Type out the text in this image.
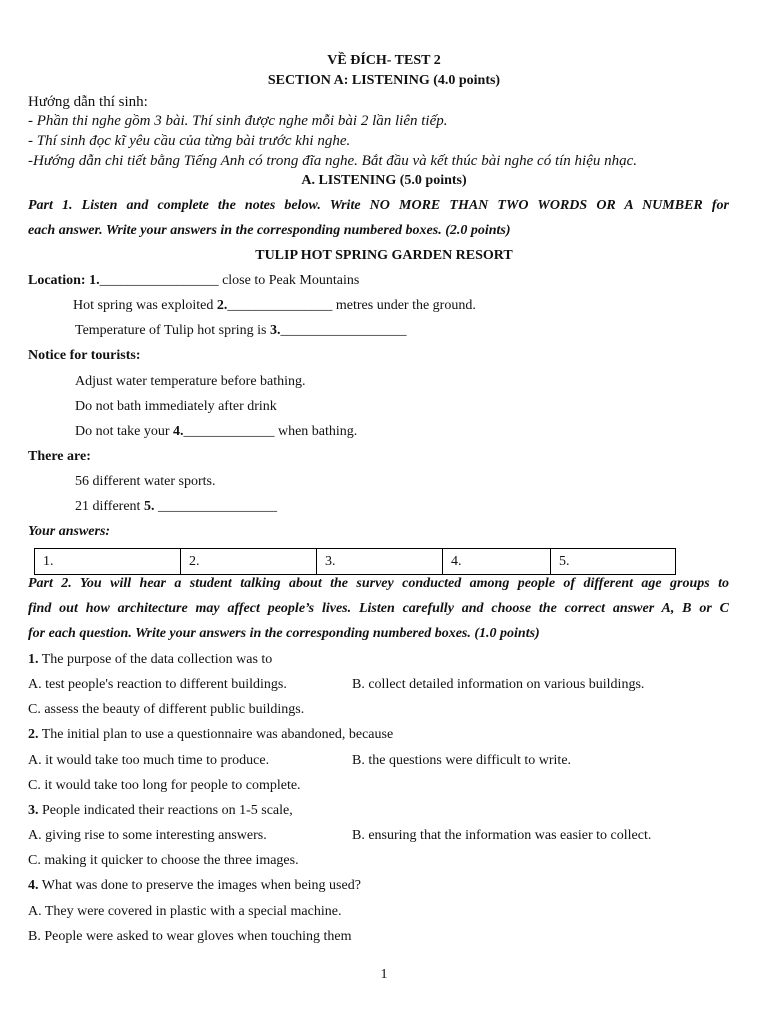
VỀ ĐÍCH- TEST 2
SECTION A: LISTENING (4.0 points)
Hướng dẫn thí sinh:
- Phần thi nghe gồm 3 bài. Thí sinh được nghe mỗi bài 2 lần liên tiếp.
- Thí sinh đọc kĩ yêu cầu của từng bài trước khi nghe.
-Hướng dẫn chi tiết bằng Tiếng Anh có trong đĩa nghe. Bắt đầu và kết thúc bài nghe có tín hiệu nhạc.
A. LISTENING (5.0 points)
Part 1. Listen and complete the notes below. Write NO MORE THAN TWO WORDS OR A NUMBER for
each answer. Write your answers in the corresponding numbered boxes. (2.0 points)
TULIP HOT SPRING GARDEN RESORT
Location: 1._________________ close to Peak Mountains
Hot spring was exploited 2._______________ metres under the ground.
Temperature of Tulip hot spring is 3.__________________
Notice for tourists:
Adjust water temperature before bathing.
Do not bath immediately after drink
Do not take your 4._____________ when bathing.
There are:
56 different water sports.
21 different 5. _________________
Your answers:
1.	2.	3.	4.	5.
Part 2. You will hear a student talking about the survey conducted among people of different age groups to
find out how architecture may affect people’s lives. Listen carefully and choose the correct answer A, B or C
for each question. Write your answers in the corresponding numbered boxes. (1.0 points)
1. The purpose of the data collection was to
A. test people's reaction to different buildings.	B. collect detailed information on various buildings.
C. assess the beauty of different public buildings.
2. The initial plan to use a questionnaire was abandoned, because
A. it would take too much time to produce.	B. the questions were difficult to write.
C. it would take too long for people to complete.
3. People indicated their reactions on 1-5 scale,
A. giving rise to some interesting answers.	B. ensuring that the information was easier to collect.
C. making it quicker to choose the three images.
4. What was done to preserve the images when being used?
A. They were covered in plastic with a special machine.
B. People were asked to wear gloves when touching them
1
